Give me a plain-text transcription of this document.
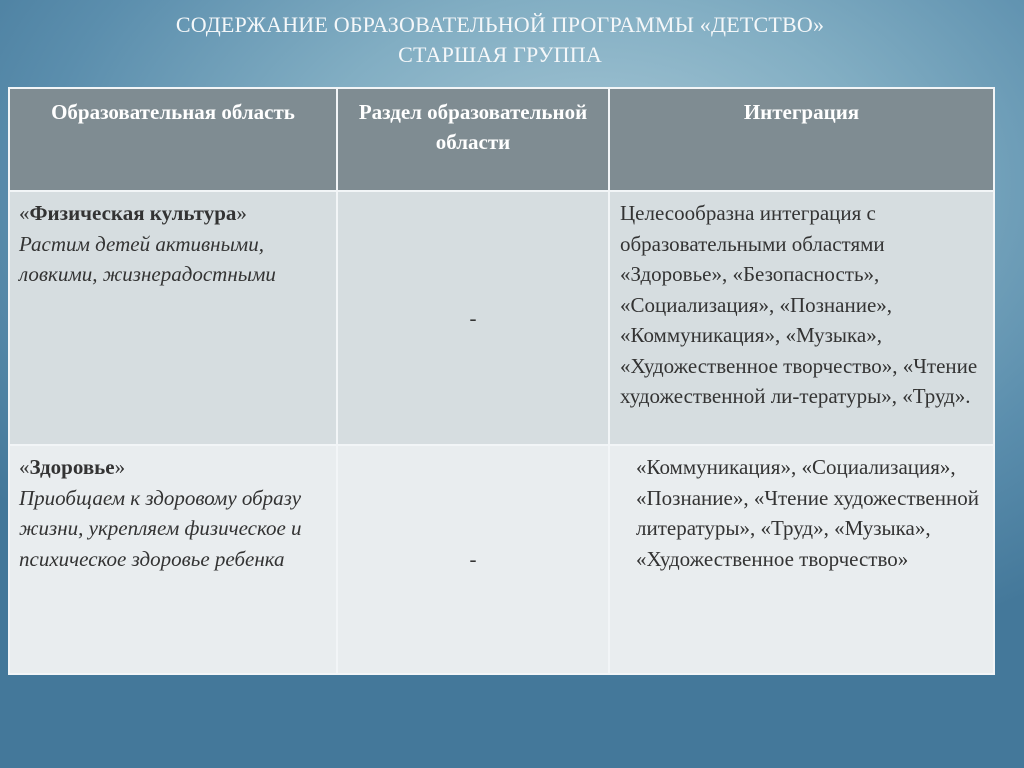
СОДЕРЖАНИЕ ОБРАЗОВАТЕЛЬНОЙ ПРОГРАММЫ «ДЕТСТВО»
СТАРШАЯ ГРУППА
Образовательная область	Раздел образовательной области	Интеграция

«Физическая культура»
Растим детей активными, ловкими, жизнерадостными	-	Целесообразна интеграция с образовательными областями «Здоровье», «Безопасность», «Социализация», «Познание», «Коммуникация», «Музыка», «Художественное творчество», «Чтение художественной ли-тературы», «Труд».

«Здоровье»
Приобщаем к здоровому образу жизни, укрепляем физическое и психическое здоровье ребенка	-	«Коммуникация», «Социализация», «Познание», «Чтение художественной литературы», «Труд», «Музыка», «Художественное творчество»
